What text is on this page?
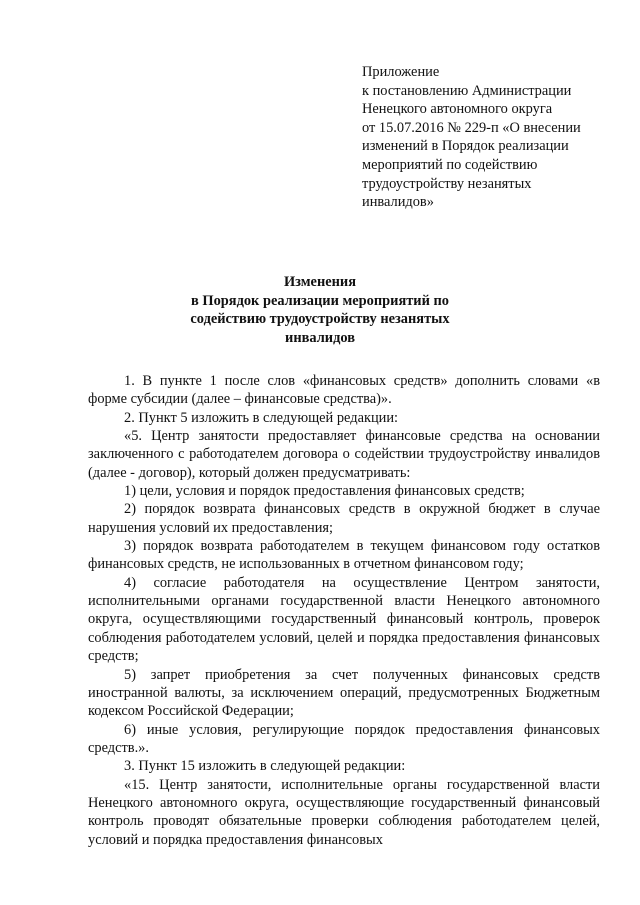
Приложение
к постановлению Администрации
Ненецкого автономного округа
от 15.07.2016 № 229-п «О внесении
изменений в Порядок реализации
мероприятий по содействию
трудоустройству незанятых
инвалидов»
Изменения
в Порядок реализации мероприятий по
содействию трудоустройству незанятых
инвалидов

1. В пункте 1 после слов «финансовых средств» дополнить словами «в форме субсидии (далее – финансовые средства)».

2. Пункт 5 изложить в следующей редакции:

«5. Центр занятости предоставляет финансовые средства на основании заключенного с работодателем договора о содействии трудоустройству инвалидов (далее - договор), который должен предусматривать:

1) цели, условия и порядок предоставления финансовых средств;

2) порядок возврата финансовых средств в окружной бюджет в случае нарушения условий их предоставления;

3) порядок возврата работодателем в текущем финансовом году остатков финансовых средств, не использованных в отчетном финансовом году;

4) согласие работодателя на осуществление Центром занятости, исполнительными органами государственной власти Ненецкого автономного округа, осуществляющими государственный финансовый контроль, проверок соблюдения работодателем условий, целей и порядка предоставления финансовых средств;

5) запрет приобретения за счет полученных финансовых средств иностранной валюты, за исключением операций, предусмотренных Бюджетным кодексом Российской Федерации;

6) иные условия, регулирующие порядок предоставления финансовых средств.».

3. Пункт 15 изложить в следующей редакции:

«15. Центр занятости, исполнительные органы государственной власти Ненецкого автономного округа, осуществляющие государственный финансовый контроль проводят обязательные проверки соблюдения работодателем целей, условий и порядка предоставления финансовых
